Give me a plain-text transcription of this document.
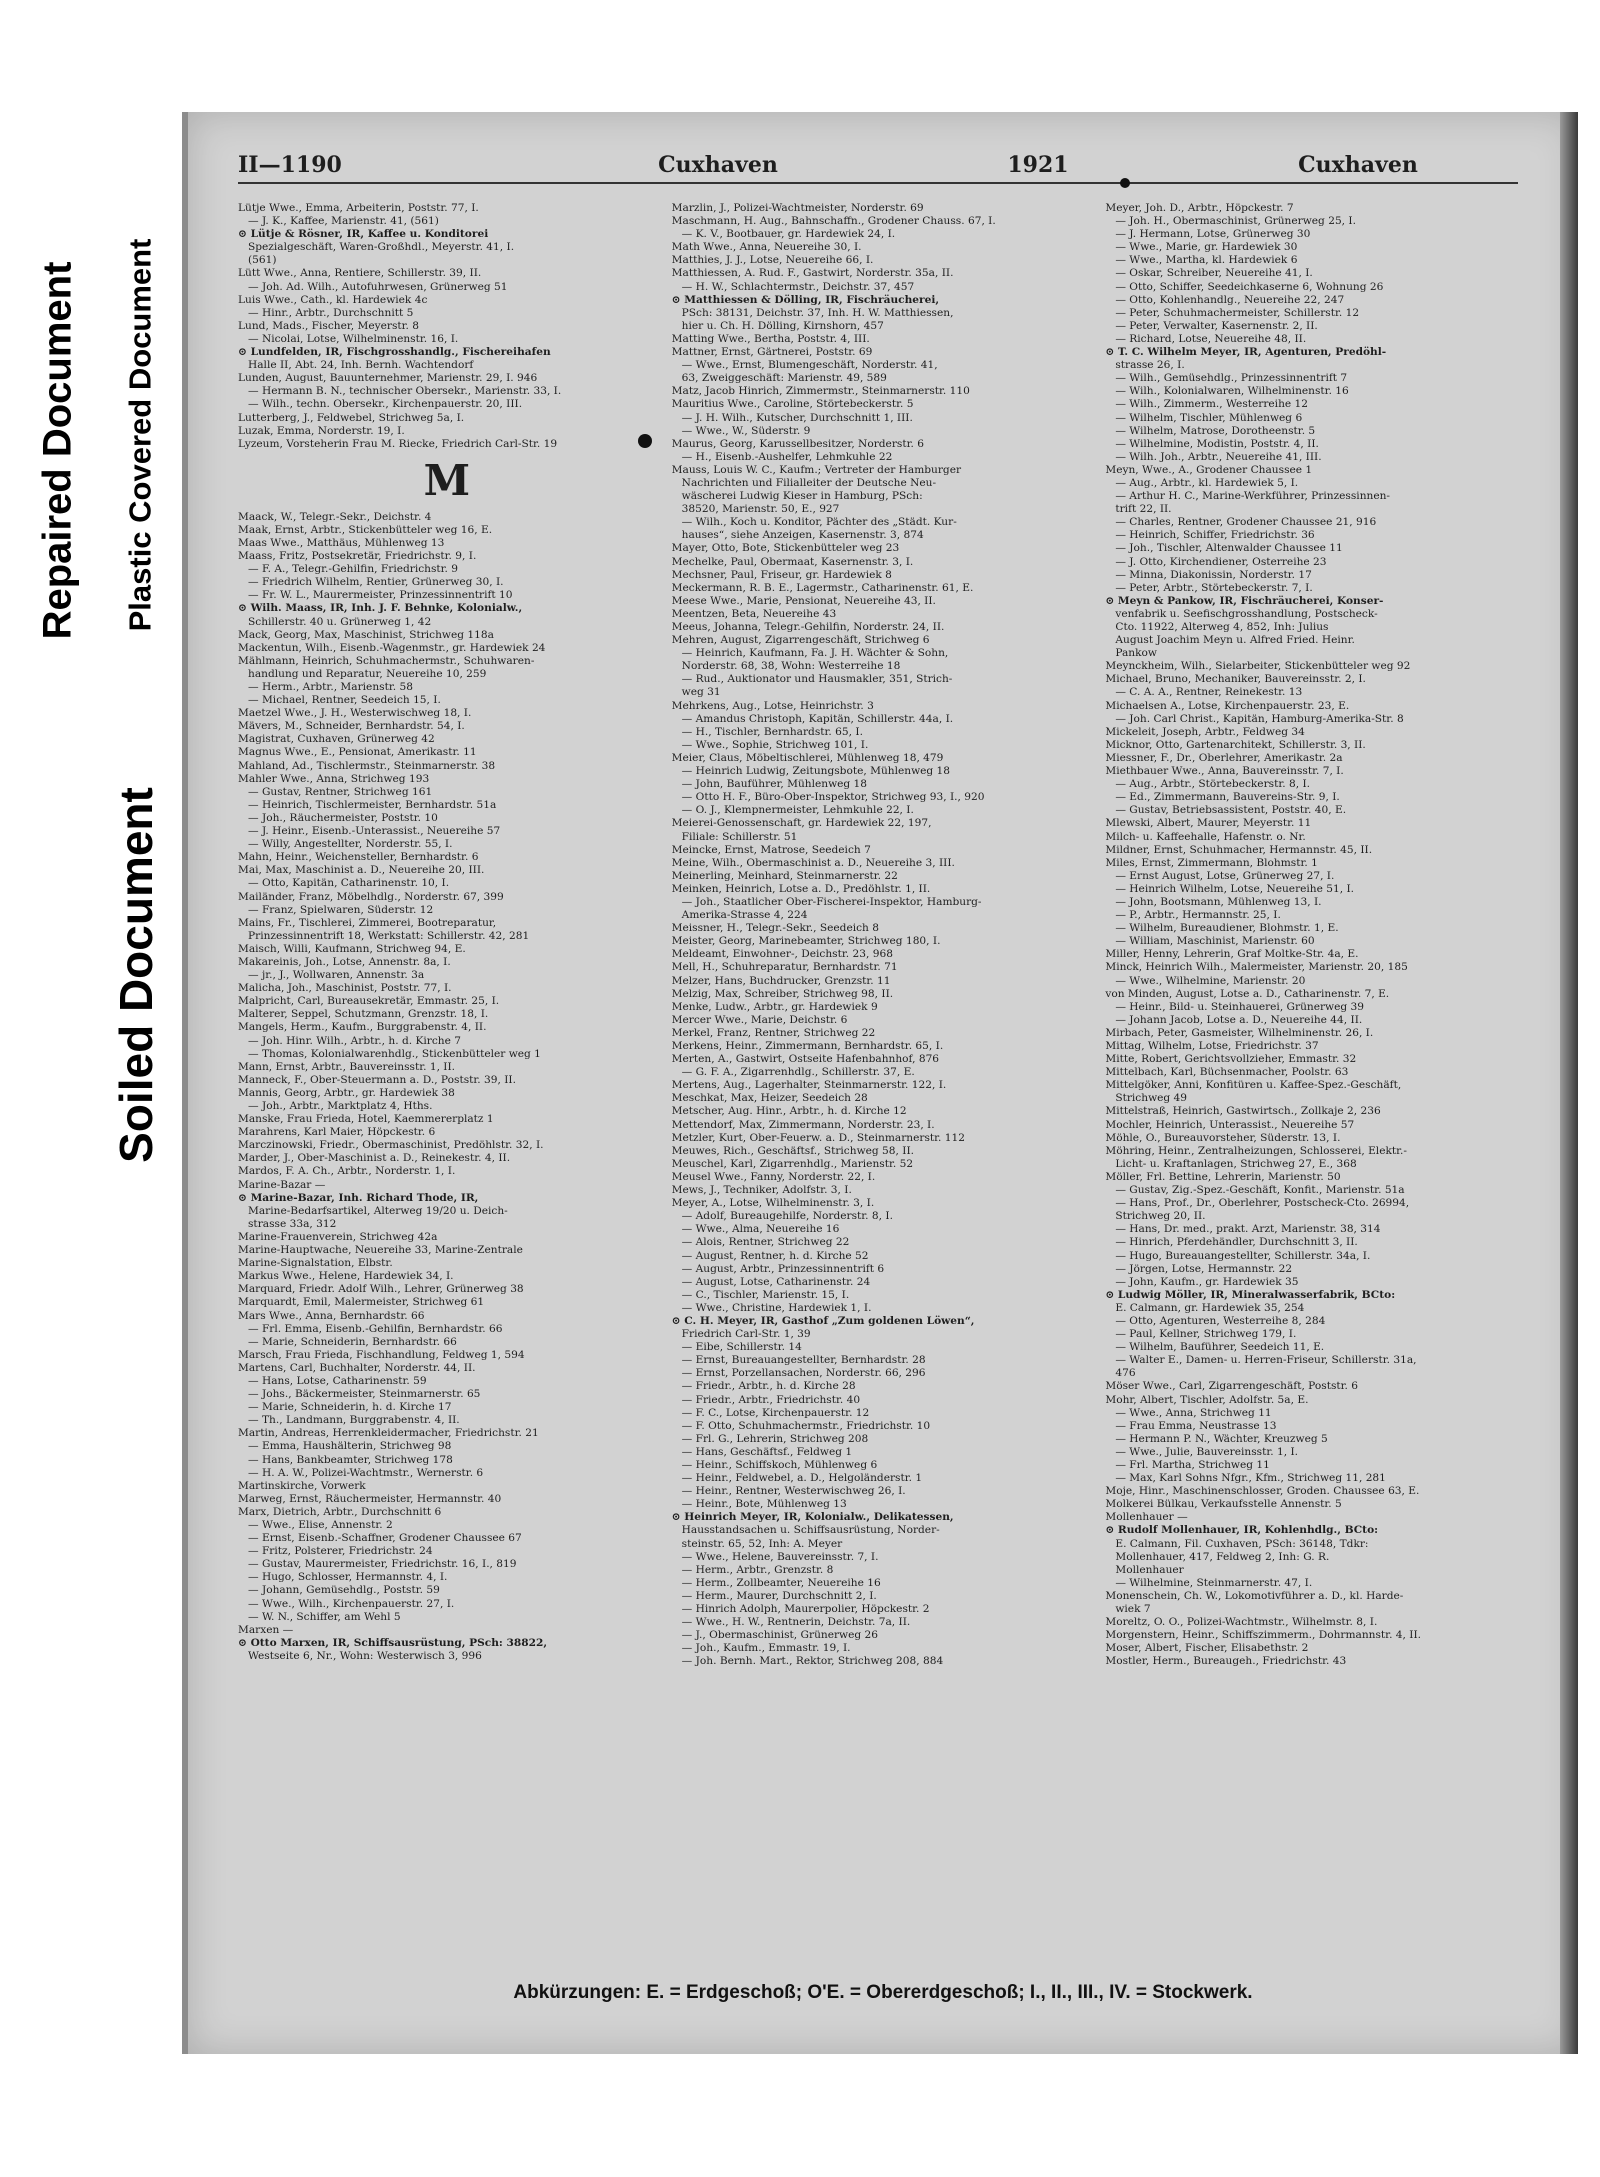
Repaired Document Plastic Covered Document
Soiled Document
II—1190	Cuxhaven	1921	Cuxhaven

Lütje Wwe., Emma, Arbeiterin, Poststr. 77, I.

— J. K., Kaffee, Marienstr. 41, (561)

⊙ Lütje & Rösner, IR, Kaffee u. Konditorei

Spezialgeschäft, Waren-Großhdl., Meyerstr. 41, I.

(561)

Lütt Wwe., Anna, Rentiere, Schillerstr. 39, II.

— Joh. Ad. Wilh., Autofuhrwesen, Grünerweg 51

Luis Wwe., Cath., kl. Hardewiek 4c

— Hinr., Arbtr., Durchschnitt 5

Lund, Mads., Fischer, Meyerstr. 8

— Nicolai, Lotse, Wilhelminenstr. 16, I.

⊙ Lundfelden, IR, Fischgrosshandlg., Fischereihafen

Halle II, Abt. 24, Inh. Bernh. Wachtendorf

Lunden, August, Bauunternehmer, Marienstr. 29, I. 946

— Hermann B. N., technischer Obersekr., Marienstr. 33, I.

— Wilh., techn. Obersekr., Kirchenpauerstr. 20, III.

Lutterberg, J., Feldwebel, Strichweg 5a, I.

Luzak, Emma, Norderstr. 19, I.

Lyzeum, Vorsteherin Frau M. Riecke, Friedrich Carl-Str. 19

M

Maack, W., Telegr.-Sekr., Deichstr. 4

Maak, Ernst, Arbtr., Stickenbütteler weg 16, E.

Maas Wwe., Matthäus, Mühlenweg 13

Maass, Fritz, Postsekretär, Friedrichstr. 9, I.

— F. A., Telegr.-Gehilfin, Friedrichstr. 9

— Friedrich Wilhelm, Rentier, Grünerweg 30, I.

— Fr. W. L., Maurermeister, Prinzessinnentrift 10

⊙ Wilh. Maass, IR, Inh. J. F. Behnke, Kolonialw.,

Schillerstr. 40 u. Grünerweg 1, 42

Mack, Georg, Max, Maschinist, Strichweg 118a

Mackentun, Wilh., Eisenb.-Wagenmstr., gr. Hardewiek 24

Mählmann, Heinrich, Schuhmachermstr., Schuhwaren-

handlung und Reparatur, Neuereihe 10, 259

— Herm., Arbtr., Marienstr. 58

— Michael, Rentner, Seedeich 15, I.

Maetzel Wwe., J. H., Westerwischweg 18, I.

Mävers, M., Schneider, Bernhardstr. 54, I.

Magistrat, Cuxhaven, Grünerweg 42

Magnus Wwe., E., Pensionat, Amerikastr. 11

Mahland, Ad., Tischlermstr., Steinmarnerstr. 38

Mahler Wwe., Anna, Strichweg 193

— Gustav, Rentner, Strichweg 161

— Heinrich, Tischlermeister, Bernhardstr. 51a

— Joh., Räuchermeister, Poststr. 10

— J. Heinr., Eisenb.-Unterassist., Neuereihe 57

— Willy, Angestellter, Norderstr. 55, I.

Mahn, Heinr., Weichensteller, Bernhardstr. 6

Mai, Max, Maschinist a. D., Neuereihe 20, III.

— Otto, Kapitän, Catharinenstr. 10, I.

Mailänder, Franz, Möbelhdlg., Norderstr. 67, 399

— Franz, Spielwaren, Süderstr. 12

Mains, Fr., Tischlerei, Zimmerei, Bootreparatur,

Prinzessinnentrift 18, Werkstatt: Schillerstr. 42, 281

Maisch, Willi, Kaufmann, Strichweg 94, E.

Makareinis, Joh., Lotse, Annenstr. 8a, I.

— jr., J., Wollwaren, Annenstr. 3a

Malicha, Joh., Maschinist, Poststr. 77, I.

Malpricht, Carl, Bureausekretär, Emmastr. 25, I.

Malterer, Seppel, Schutzmann, Grenzstr. 18, I.

Mangels, Herm., Kaufm., Burggrabenstr. 4, II.

— Joh. Hinr. Wilh., Arbtr., h. d. Kirche 7

— Thomas, Kolonialwarenhdlg., Stickenbütteler weg 1

Mann, Ernst, Arbtr., Bauvereinsstr. 1, II.

Manneck, F., Ober-Steuermann a. D., Poststr. 39, II.

Mannis, Georg, Arbtr., gr. Hardewiek 38

— Joh., Arbtr., Marktplatz 4, Hths.

Manske, Frau Frieda, Hotel, Kaemmererplatz 1

Marahrens, Karl Maier, Höpckestr. 6

Marczinowski, Friedr., Obermaschinist, Predöhlstr. 32, I.

Marder, J., Ober-Maschinist a. D., Reinekestr. 4, II.

Mardos, F. A. Ch., Arbtr., Norderstr. 1, I.

Marine-Bazar —

⊙ Marine-Bazar, Inh. Richard Thode, IR,

Marine-Bedarfsartikel, Alterweg 19/20 u. Deich-

strasse 33a, 312

Marine-Frauenverein, Strichweg 42a

Marine-Hauptwache, Neuereihe 33, Marine-Zentrale

Marine-Signalstation, Elbstr.

Markus Wwe., Helene, Hardewiek 34, I.

Marquard, Friedr. Adolf Wilh., Lehrer, Grünerweg 38

Marquardt, Emil, Malermeister, Strichweg 61

Mars Wwe., Anna, Bernhardstr. 66

— Frl. Emma, Eisenb.-Gehilfin, Bernhardstr. 66

— Marie, Schneiderin, Bernhardstr. 66

Marsch, Frau Frieda, Fischhandlung, Feldweg 1, 594

Martens, Carl, Buchhalter, Norderstr. 44, II.

— Hans, Lotse, Catharinenstr. 59

— Johs., Bäckermeister, Steinmarnerstr. 65

— Marie, Schneiderin, h. d. Kirche 17

— Th., Landmann, Burggrabenstr. 4, II.

Martin, Andreas, Herrenkleidermacher, Friedrichstr. 21

— Emma, Haushälterin, Strichweg 98

— Hans, Bankbeamter, Strichweg 178

— H. A. W., Polizei-Wachtmstr., Wernerstr. 6

Martinskirche, Vorwerk

Marweg, Ernst, Räuchermeister, Hermannstr. 40

Marx, Dietrich, Arbtr., Durchschnitt 6

— Wwe., Elise, Annenstr. 2

— Ernst, Eisenb.-Schaffner, Grodener Chaussee 67

— Fritz, Polsterer, Friedrichstr. 24

— Gustav, Maurermeister, Friedrichstr. 16, I., 819

— Hugo, Schlosser, Hermannstr. 4, I.

— Johann, Gemüsehdlg., Poststr. 59

— Wwe., Wilh., Kirchenpauerstr. 27, I.

— W. N., Schiffer, am Wehl 5

Marxen —

⊙ Otto Marxen, IR, Schiffsausrüstung, PSch: 38822,

Westseite 6, Nr., Wohn: Westerwisch 3, 996

Marzlin, J., Polizei-Wachtmeister, Norderstr. 69

Maschmann, H. Aug., Bahnschaffn., Grodener Chauss. 67, I.

— K. V., Bootbauer, gr. Hardewiek 24, I.

Math Wwe., Anna, Neuereihe 30, I.

Matthies, J. J., Lotse, Neuereihe 66, I.

Matthiessen, A. Rud. F., Gastwirt, Norderstr. 35a, II.

— H. W., Schlachtermstr., Deichstr. 37, 457

⊙ Matthiessen & Dölling, IR, Fischräucherei,

PSch: 38131, Deichstr. 37, Inh. H. W. Matthiessen,

hier u. Ch. H. Dölling, Kirnshorn, 457

Matting Wwe., Bertha, Poststr. 4, III.

Mattner, Ernst, Gärtnerei, Poststr. 69

— Wwe., Ernst, Blumengeschäft, Norderstr. 41,

63, Zweiggeschäft: Marienstr. 49, 589

Matz, Jacob Hinrich, Zimmermstr., Steinmarnerstr. 110

Mauritius Wwe., Caroline, Störtebeckerstr. 5

— J. H. Wilh., Kutscher, Durchschnitt 1, III.

— Wwe., W., Süderstr. 9

Maurus, Georg, Karussellbesitzer, Norderstr. 6

— H., Eisenb.-Aushelfer, Lehmkuhle 22

Mauss, Louis W. C., Kaufm.; Vertreter der Hamburger

Nachrichten und Filialleiter der Deutsche Neu-

wäscherei Ludwig Kieser in Hamburg, PSch:

38520, Marienstr. 50, E., 927

— Wilh., Koch u. Konditor, Pächter des „Städt. Kur-

hauses“, siehe Anzeigen, Kasernenstr. 3, 874

Mayer, Otto, Bote, Stickenbütteler weg 23

Mechelke, Paul, Obermaat, Kasernenstr. 3, I.

Mechsner, Paul, Friseur, gr. Hardewiek 8

Meckermann, R. B. E., Lagermstr., Catharinenstr. 61, E.

Meese Wwe., Marie, Pensionat, Neuereihe 43, II.

Meentzen, Beta, Neuereihe 43

Meeus, Johanna, Telegr.-Gehilfin, Norderstr. 24, II.

Mehren, August, Zigarrengeschäft, Strichweg 6

— Heinrich, Kaufmann, Fa. J. H. Wächter & Sohn,

Norderstr. 68, 38, Wohn: Westerreihe 18

— Rud., Auktionator und Hausmakler, 351, Strich-

weg 31

Mehrkens, Aug., Lotse, Heinrichstr. 3

— Amandus Christoph, Kapitän, Schillerstr. 44a, I.

— H., Tischler, Bernhardstr. 65, I.

— Wwe., Sophie, Strichweg 101, I.

Meier, Claus, Möbeltischlerei, Mühlenweg 18, 479

— Heinrich Ludwig, Zeitungsbote, Mühlenweg 18

— John, Bauführer, Mühlenweg 18

— Otto H. F., Büro-Ober-Inspektor, Strichweg 93, I., 920

— O. J., Klempnermeister, Lehmkuhle 22, I.

Meierei-Genossenschaft, gr. Hardewiek 22, 197,

Filiale: Schillerstr. 51

Meincke, Ernst, Matrose, Seedeich 7

Meine, Wilh., Obermaschinist a. D., Neuereihe 3, III.

Meinerling, Meinhard, Steinmarnerstr. 22

Meinken, Heinrich, Lotse a. D., Predöhlstr. 1, II.

— Joh., Staatlicher Ober-Fischerei-Inspektor, Hamburg-

Amerika-Strasse 4, 224

Meissner, H., Telegr.-Sekr., Seedeich 8

Meister, Georg, Marinebeamter, Strichweg 180, I.

Meldeamt, Einwohner-, Deichstr. 23, 968

Mell, H., Schuhreparatur, Bernhardstr. 71

Melzer, Hans, Buchdrucker, Grenzstr. 11

Melzig, Max, Schreiber, Strichweg 98, II.

Menke, Ludw., Arbtr., gr. Hardewiek 9

Mercer Wwe., Marie, Deichstr. 6

Merkel, Franz, Rentner, Strichweg 22

Merkens, Heinr., Zimmermann, Bernhardstr. 65, I.

Merten, A., Gastwirt, Ostseite Hafenbahnhof, 876

— G. F. A., Zigarrenhdlg., Schillerstr. 37, E.

Mertens, Aug., Lagerhalter, Steinmarnerstr. 122, I.

Meschkat, Max, Heizer, Seedeich 28

Metscher, Aug. Hinr., Arbtr., h. d. Kirche 12

Mettendorf, Max, Zimmermann, Norderstr. 23, I.

Metzler, Kurt, Ober-Feuerw. a. D., Steinmarnerstr. 112

Meuwes, Rich., Geschäftsf., Strichweg 58, II.

Meuschel, Karl, Zigarrenhdlg., Marienstr. 52

Meusel Wwe., Fanny, Norderstr. 22, I.

Mews, J., Techniker, Adolfstr. 3, I.

Meyer, A., Lotse, Wilhelminenstr. 3, I.

— Adolf, Bureaugehilfe, Norderstr. 8, I.

— Wwe., Alma, Neuereihe 16

— Alois, Rentner, Strichweg 22

— August, Rentner, h. d. Kirche 52

— August, Arbtr., Prinzessinnentrift 6

— August, Lotse, Catharinenstr. 24

— C., Tischler, Marienstr. 15, I.

— Wwe., Christine, Hardewiek 1, I.

⊙ C. H. Meyer, IR, Gasthof „Zum goldenen Löwen“,

Friedrich Carl-Str. 1, 39

— Eibe, Schillerstr. 14

— Ernst, Bureauangestellter, Bernhardstr. 28

— Ernst, Porzellansachen, Norderstr. 66, 296

— Friedr., Arbtr., h. d. Kirche 28

— Friedr., Arbtr., Friedrichstr. 40

— F. C., Lotse, Kirchenpauerstr. 12

— F. Otto, Schuhmachermstr., Friedrichstr. 10

— Frl. G., Lehrerin, Strichweg 208

— Hans, Geschäftsf., Feldweg 1

— Heinr., Schiffskoch, Mühlenweg 6

— Heinr., Feldwebel, a. D., Helgoländerstr. 1

— Heinr., Rentner, Westerwischweg 26, I.

— Heinr., Bote, Mühlenweg 13

⊙ Heinrich Meyer, IR, Kolonialw., Delikatessen,

Hausstandsachen u. Schiffsausrüstung, Norder-

steinstr. 65, 52, Inh: A. Meyer

— Wwe., Helene, Bauvereinsstr. 7, I.

— Herm., Arbtr., Grenzstr. 8

— Herm., Zollbeamter, Neuereihe 16

— Herm., Maurer, Durchschnitt 2, I.

— Hinrich Adolph, Maurerpolier, Höpckestr. 2

— Wwe., H. W., Rentnerin, Deichstr. 7a, II.

— J., Obermaschinist, Grünerweg 26

— Joh., Kaufm., Emmastr. 19, I.

— Joh. Bernh. Mart., Rektor, Strichweg 208, 884

Meyer, Joh. D., Arbtr., Höpckestr. 7

— Joh. H., Obermaschinist, Grünerweg 25, I.

— J. Hermann, Lotse, Grünerweg 30

— Wwe., Marie, gr. Hardewiek 30

— Wwe., Martha, kl. Hardewiek 6

— Oskar, Schreiber, Neuereihe 41, I.

— Otto, Schiffer, Seedeichkaserne 6, Wohnung 26

— Otto, Kohlenhandlg., Neuereihe 22, 247

— Peter, Schuhmachermeister, Schillerstr. 12

— Peter, Verwalter, Kasernenstr. 2, II.

— Richard, Lotse, Neuereihe 48, II.

⊙ T. C. Wilhelm Meyer, IR, Agenturen, Predöhl-

strasse 26, I.

— Wilh., Gemüsehdlg., Prinzessinnentrift 7

— Wilh., Kolonialwaren, Wilhelminenstr. 16

— Wilh., Zimmerm., Westerreihe 12

— Wilhelm, Tischler, Mühlenweg 6

— Wilhelm, Matrose, Dorotheenstr. 5

— Wilhelmine, Modistin, Poststr. 4, II.

— Wilh. Joh., Arbtr., Neuereihe 41, III.

Meyn, Wwe., A., Grodener Chaussee 1

— Aug., Arbtr., kl. Hardewiek 5, I.

— Arthur H. C., Marine-Werkführer, Prinzessinnen-

trift 22, II.

— Charles, Rentner, Grodener Chaussee 21, 916

— Heinrich, Schiffer, Friedrichstr. 36

— Joh., Tischler, Altenwalder Chaussee 11

— J. Otto, Kirchendiener, Osterreihe 23

— Minna, Diakonissin, Norderstr. 17

— Peter, Arbtr., Störtebeckerstr. 7, I.

⊙ Meyn & Pankow, IR, Fischräucherei, Konser-

venfabrik u. Seefischgrosshandlung, Postscheck-

Cto. 11922, Alterweg 4, 852, Inh: Julius

August Joachim Meyn u. Alfred Fried. Heinr.

Pankow

Meynckheim, Wilh., Sielarbeiter, Stickenbütteler weg 92

Michael, Bruno, Mechaniker, Bauvereinsstr. 2, I.

— C. A. A., Rentner, Reinekestr. 13

Michaelsen A., Lotse, Kirchenpauerstr. 23, E.

— Joh. Carl Christ., Kapitän, Hamburg-Amerika-Str. 8

Mickeleit, Joseph, Arbtr., Feldweg 34

Micknor, Otto, Gartenarchitekt, Schillerstr. 3, II.

Miessner, F., Dr., Oberlehrer, Amerikastr. 2a

Miethbauer Wwe., Anna, Bauvereinsstr. 7, I.

— Aug., Arbtr., Störtebeckerstr. 8, I.

— Ed., Zimmermann, Bauvereins-Str. 9, I.

— Gustav, Betriebsassistent, Poststr. 40, E.

Mlewski, Albert, Maurer, Meyerstr. 11

Milch- u. Kaffeehalle, Hafenstr. o. Nr.

Mildner, Ernst, Schuhmacher, Hermannstr. 45, II.

Miles, Ernst, Zimmermann, Blohmstr. 1

— Ernst August, Lotse, Grünerweg 27, I.

— Heinrich Wilhelm, Lotse, Neuereihe 51, I.

— John, Bootsmann, Mühlenweg 13, I.

— P., Arbtr., Hermannstr. 25, I.

— Wilhelm, Bureaudiener, Blohmstr. 1, E.

— William, Maschinist, Marienstr. 60

Miller, Henny, Lehrerin, Graf Moltke-Str. 4a, E.

Minck, Heinrich Wilh., Malermeister, Marienstr. 20, 185

— Wwe., Wilhelmine, Marienstr. 20

von Minden, August, Lotse a. D., Catharinenstr. 7, E.

— Heinr., Bild- u. Steinhauerei, Grünerweg 39

— Johann Jacob, Lotse a. D., Neuereihe 44, II.

Mirbach, Peter, Gasmeister, Wilhelminenstr. 26, I.

Mittag, Wilhelm, Lotse, Friedrichstr. 37

Mitte, Robert, Gerichtsvollzieher, Emmastr. 32

Mittelbach, Karl, Büchsenmacher, Poolstr. 63

Mittelgöker, Anni, Konfitüren u. Kaffee-Spez.-Geschäft,

Strichweg 49

Mittelstraß, Heinrich, Gastwirtsch., Zollkaje 2, 236

Mochler, Heinrich, Unterassist., Neuereihe 57

Möhle, O., Bureauvorsteher, Süderstr. 13, I.

Möhring, Heinr., Zentralheizungen, Schlosserei, Elektr.-

Licht- u. Kraftanlagen, Strichweg 27, E., 368

Möller, Frl. Bettine, Lehrerin, Marienstr. 50

— Gustav, Zig.-Spez.-Geschäft, Konfit., Marienstr. 51a

— Hans, Prof., Dr., Oberlehrer, Postscheck-Cto. 26994,

Strichweg 20, II.

— Hans, Dr. med., prakt. Arzt, Marienstr. 38, 314

— Hinrich, Pferdehändler, Durchschnitt 3, II.

— Hugo, Bureauangestellter, Schillerstr. 34a, I.

— Jörgen, Lotse, Hermannstr. 22

— John, Kaufm., gr. Hardewiek 35

⊙ Ludwig Möller, IR, Mineralwasserfabrik, BCto:

E. Calmann, gr. Hardewiek 35, 254

— Otto, Agenturen, Westerreihe 8, 284

— Paul, Kellner, Strichweg 179, I.

— Wilhelm, Bauführer, Seedeich 11, E.

— Walter E., Damen- u. Herren-Friseur, Schillerstr. 31a,

476

Möser Wwe., Carl, Zigarrengeschäft, Poststr. 6

Mohr, Albert, Tischler, Adolfstr. 5a, E.

— Wwe., Anna, Strichweg 11

— Frau Emma, Neustrasse 13

— Hermann P. N., Wächter, Kreuzweg 5

— Wwe., Julie, Bauvereinsstr. 1, I.

— Frl. Martha, Strichweg 11

— Max, Karl Sohns Nfgr., Kfm., Strichweg 11, 281

Moje, Hinr., Maschinenschlosser, Groden. Chaussee 63, E.

Molkerei Bülkau, Verkaufsstelle Annenstr. 5

Mollenhauer —

⊙ Rudolf Mollenhauer, IR, Kohlenhdlg., BCto:

E. Calmann, Fil. Cuxhaven, PSch: 36148, Tdkr:

Mollenhauer, 417, Feldweg 2, Inh: G. R.

Mollenhauer

— Wilhelmine, Steinmarnerstr. 47, I.

Monenschein, Ch. W., Lokomotivführer a. D., kl. Harde-

wiek 7

Moreltz, O. O., Polizei-Wachtmstr., Wilhelmstr. 8, I.

Morgenstern, Heinr., Schiffszimmerm., Dohrmannstr. 4, II.

Moser, Albert, Fischer, Elisabethstr. 2

Mostler, Herm., Bureaugeh., Friedrichstr. 43

Abkürzungen: E. = Erdgeschoß; O'E. = Obererdgeschoß; I., II., III., IV. = Stockwerk.
